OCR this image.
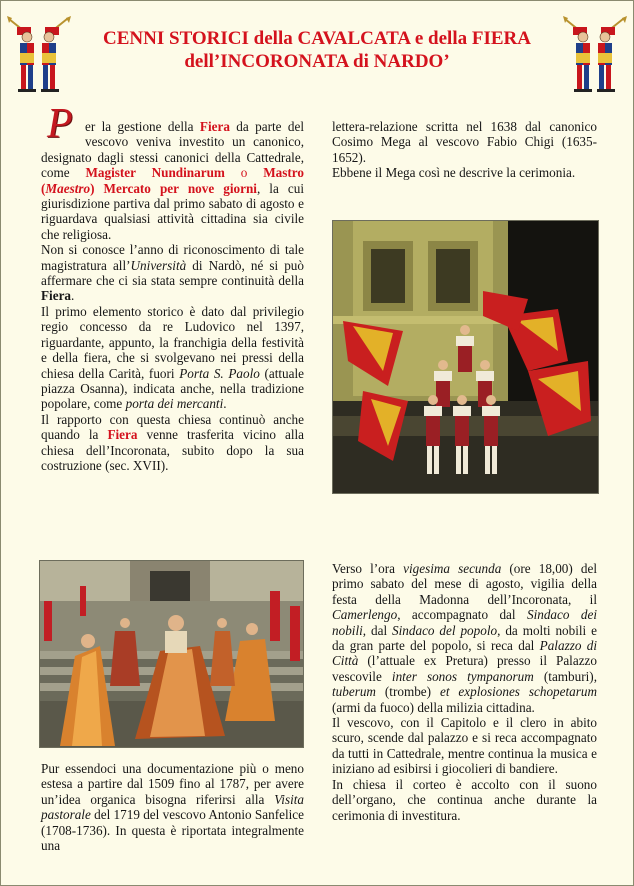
CENNI STORICI della CAVALCATA e della FIERA
dell’INCORONATA di NARDO’

Per la gestione della Fiera da parte del vescovo veniva investito un canonico, designato dagli stessi canonici della Cattedrale, come Magister Nundinarum o Mastro (Maestro) Mercato per nove giorni, la cui giurisdizione partiva dal primo sabato di agosto e riguardava qualsiasi attività cittadina sia civile che religiosa.

Non si conosce l’anno di riconoscimento di tale magistratura all’Università di Nardò, né si può affermare che ci sia stata sempre continuità della Fiera.

Il primo elemento storico è dato dal privilegio regio concesso da re Ludovico nel 1397, riguardante, appunto, la franchigia della festività e della fiera, che si svolgevano nei pressi della chiesa della Carità, fuori Porta S. Paolo (attuale piazza Osanna), indicata anche, nella tradizione popolare, come porta dei mercanti.

Il rapporto con questa chiesa continuò anche quando la Fiera venne trasferita vicino alla chiesa dell’Incoronata, subito dopo la sua costruzione (sec. XVII).

lettera-relazione scritta nel 1638 dal canonico Cosimo Mega al vescovo Fabio Chigi (1635-1652).

Ebbene il Mega così ne descrive la cerimonia.

Pur essendoci una documentazione più o meno estesa a partire dal 1509 fino al 1787, per avere un’idea organica bisogna riferirsi alla Visita pastorale del 1719 del vescovo Antonio Sanfelice (1708-1736). In questa è riportata integralmente una

Verso l’ora vigesima secunda (ore 18,00) del primo sabato del mese di agosto, vigilia della festa della Madonna dell’Incoronata, il Camerlengo, accompagnato dal Sindaco dei nobili, dal Sindaco del popolo, da molti nobili e da gran parte del popolo, si reca dal Palazzo di Città (l’attuale ex Pretura) presso il Palazzo vescovile inter sonos tympanorum (tamburi), tuberum (trombe) et explosiones schopetarum (armi da fuoco) della milizia cittadina.

Il vescovo, con il Capitolo e il clero in abito scuro, scende dal palazzo e si reca accompagnato da tutti in Cattedrale, mentre continua la musica e iniziano ad esibirsi i giocolieri di bandiere.

In chiesa il corteo è accolto con il suono dell’organo, che continua anche durante la cerimonia di investitura.
